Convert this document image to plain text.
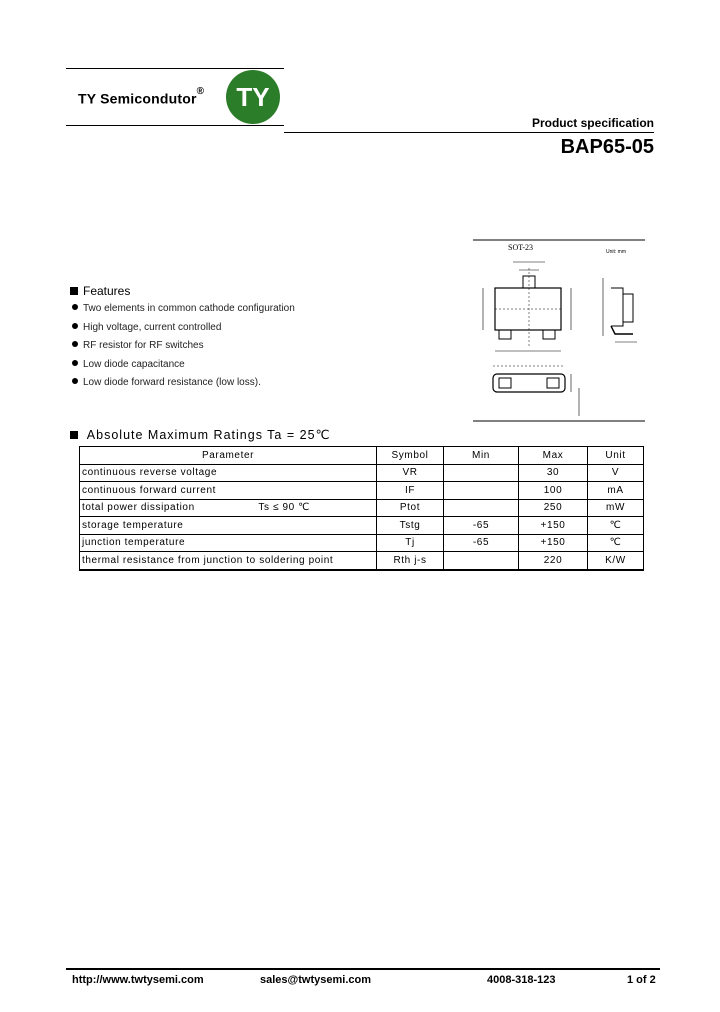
TY Semicondutor®	TY
Product specification
BAP65-05
SOT-23	Unit: mm
Features
Two elements in common cathode configuration
High voltage, current controlled
RF resistor for RF switches
Low diode capacitance
Low diode forward resistance (low loss).
Absolute Maximum Ratings Ta = 25℃
Parameter	Symbol	Min	Max	Unit
continuous reverse voltage	VR		30	V
continuous forward current	IF		100	mA
total power dissipation Ts ≤ 90 ℃	Ptot		250	mW
storage temperature	Tstg	-65	+150	℃
junction temperature	Tj	-65	+150	℃
thermal resistance from junction to soldering point	Rth j-s		220	K/W
http://www.twtysemi.com	sales@twtysemi.com	4008-318-123	1 of 2
